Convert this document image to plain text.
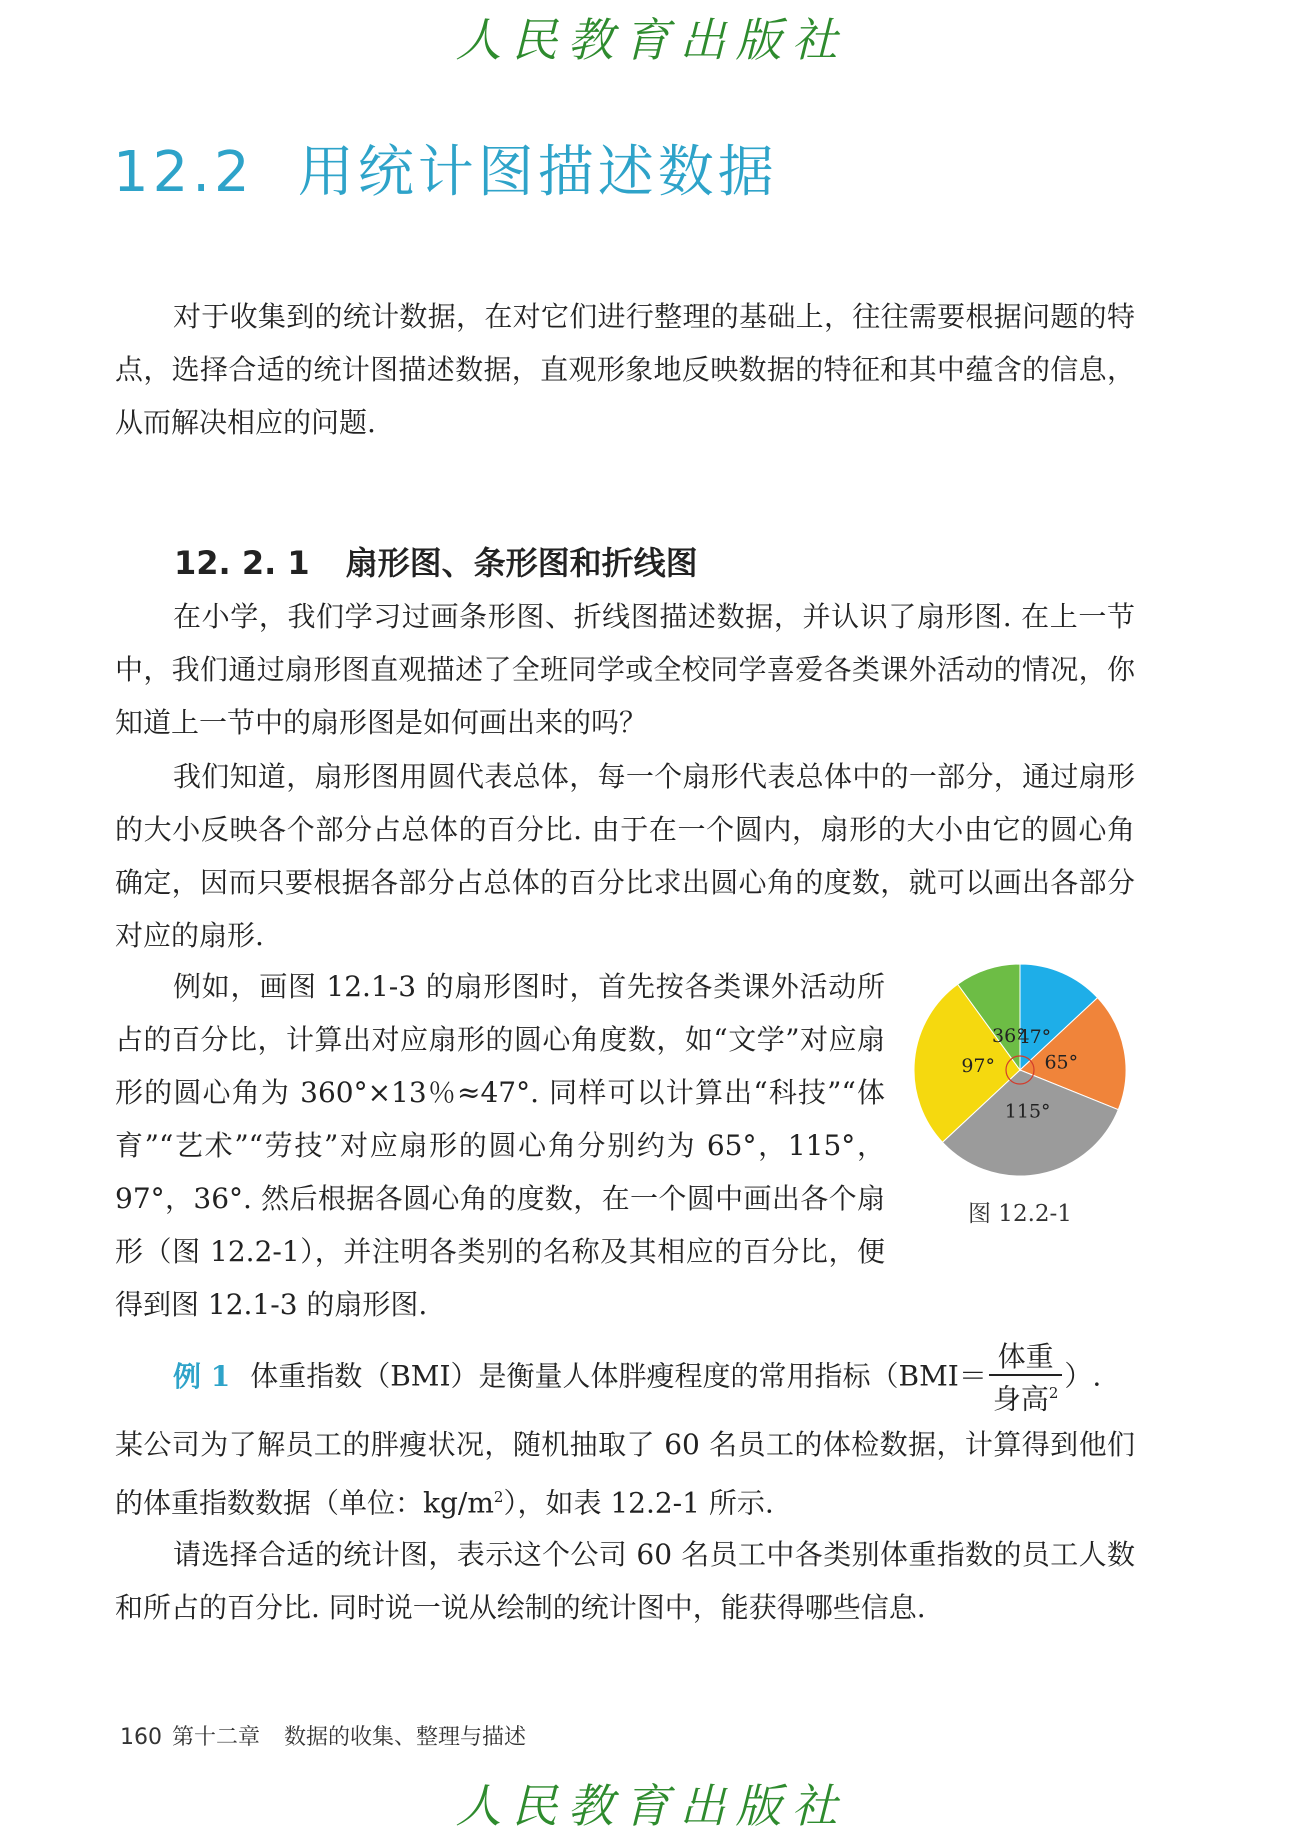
人民教育出版社
12.2 用统计图描述数据

对于收集到的统计数据，在对它们进行整理的基础上，往往需要根据问题的特点，选择合适的统计图描述数据，直观形象地反映数据的特征和其中蕴含的信息，从而解决相应的问题.

12. 2. 1 扇形图、条形图和折线图

在小学，我们学习过画条形图、折线图描述数据，并认识了扇形图. 在上一节中，我们通过扇形图直观描述了全班同学或全校同学喜爱各类课外活动的情况，你知道上一节中的扇形图是如何画出来的吗？

我们知道，扇形图用圆代表总体，每一个扇形代表总体中的一部分，通过扇形的大小反映各个部分占总体的百分比. 由于在一个圆内，扇形的大小由它的圆心角确定，因而只要根据各部分占总体的百分比求出圆心角的度数，就可以画出各部分对应的扇形.

例如，画图 12.1-3 的扇形图时，首先按各类课外活动所占的百分比，计算出对应扇形的圆心角度数，如“文学”对应扇形的圆心角为 360°×13％≈47°. 同样可以计算出“科技”“体育”“艺术”“劳技”对应扇形的圆心角分别约为 65°，115°，97°，36°. 然后根据各圆心角的度数，在一个圆中画出各个扇形（图 12.2-1），并注明各类别的名称及其相应的百分比，便得到图 12.1-3 的扇形图.

47°
65°
115°
97°
36°
图 12.2-1

例 1 体重指数（BMI）是衡量人体胖瘦程度的常用指标（$BMI= \frac{\text{体重}}{身高^2}$ ）.

某公司为了解员工的胖瘦状况，随机抽取了 60 名员工的体检数据，计算得到他们的体重指数数据（单位：$kg/m^2$），如表 12.2-1 所示.

请选择合适的统计图，表示这个公司 60 名员工中各类别体重指数的员工人数和所占的百分比. 同时说一说从绘制的统计图中，能获得哪些信息.

160 第十二章 数据的收集、整理与描述
人民教育出版社
